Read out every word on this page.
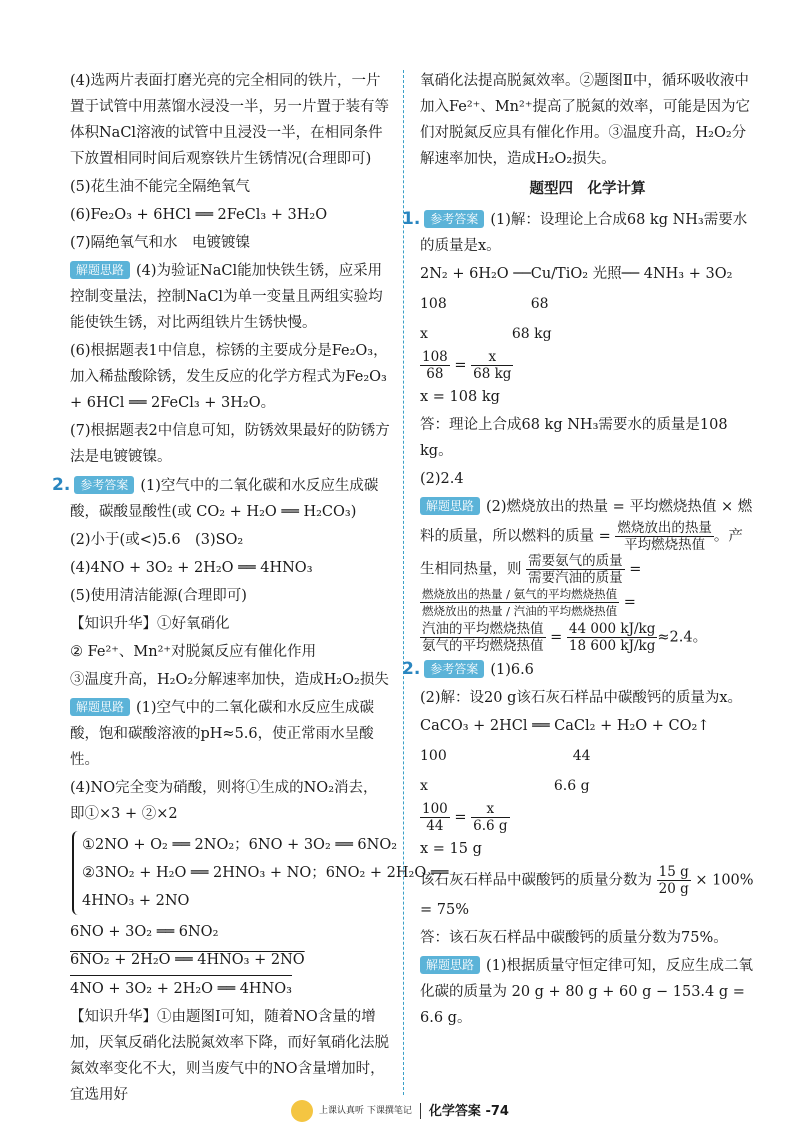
(4)选两片表面打磨光亮的完全相同的铁片，一片置于试管中用蒸馏水浸没一半，另一片置于装有等体积NaCl溶液的试管中且浸没一半，在相同条件下放置相同时间后观察铁片生锈情况(合理即可)

(5)花生油不能完全隔绝氧气

(6)Fe₂O₃ + 6HCl ══ 2FeCl₃ + 3H₂O

(7)隔绝氧气和水　电镀镀镍

解题思路 (4)为验证NaCl能加快铁生锈，应采用控制变量法，控制NaCl为单一变量且两组实验均能使铁生锈，对比两组铁片生锈快慢。

(6)根据题表1中信息，棕锈的主要成分是Fe₂O₃，加入稀盐酸除锈，发生反应的化学方程式为Fe₂O₃ + 6HCl ══ 2FeCl₃ + 3H₂O。

(7)根据题表2中信息可知，防锈效果最好的防锈方法是电镀镀镍。

2. 参考答案 (1)空气中的二氧化碳和水反应生成碳酸，碳酸显酸性(或 CO₂ + H₂O ══ H₂CO₃)

(2)小于(或<)5.6　(3)SO₂

(4)4NO + 3O₂ + 2H₂O ══ 4HNO₃

(5)使用清洁能源(合理即可)

【知识升华】①好氧硝化

② Fe²⁺、Mn²⁺对脱氮反应有催化作用

③温度升高，H₂O₂分解速率加快，造成H₂O₂损失

解题思路 (1)空气中的二氧化碳和水反应生成碳酸，饱和碳酸溶液的pH≈5.6，使正常雨水呈酸性。

(4)NO完全变为硝酸，则将①生成的NO₂消去，即①×3 + ②×2

①2NO + O₂ ══ 2NO₂；6NO + 3O₂ ══ 6NO₂
②3NO₂ + H₂O ══ 2HNO₃ + NO；6NO₂ + 2H₂O ══
4HNO₃ + 2NO

6NO + 3O₂ ══ 6NO₂

6NO₂ + 2H₂O ══ 4HNO₃ + 2NO

4NO + 3O₂ + 2H₂O ══ 4HNO₃

【知识升华】①由题图Ⅰ可知，随着NO含量的增加，厌氧反硝化法脱氮效率下降，而好氧硝化法脱氮效率变化不大，则当废气中的NO含量增加时，宜选用好

氧硝化法提高脱氮效率。②题图Ⅱ中，循环吸收液中加入Fe²⁺、Mn²⁺提高了脱氮的效率，可能是因为它们对脱氮反应具有催化作用。③温度升高，H₂O₂分解速率加快，造成H₂O₂损失。

题型四　化学计算

1. 参考答案 (1)解：设理论上合成68 kg NH₃需要水的质量是x。

2N₂ + 6H₂O ──Cu/TiO₂ 光照── 4NH₃ + 3O₂

108　　　　　　68
x　　　　　　68 kg

$\frac{108}{68} = \frac{x}{68 kg}$

x = 108 kg

答：理论上合成68 kg NH₃需要水的质量是108 kg。

(2)2.4

解题思路 (2)燃烧放出的热量 = 平均燃烧热值 × 燃料的质量，所以燃料的质量 = $\frac{\text{燃烧放出的热量}}{\text{平均燃烧热值}}$ 。产生相同热量，则 $\frac{\text{需要氨气的质量}}{\text{需要汽油的质量}}$ =
$\frac{\text{燃烧放出的热量 / 氨气的平均燃烧热值}}{\text{燃烧放出的热量 / 汽油的平均燃烧热值}}$ =

$\frac{\text{汽油的平均燃烧热值}}{\text{氨气的平均燃烧热值}} = \frac{44 000 kJ/kg}{18 600 kJ/kg} \approx 2.4$。

2. 参考答案 (1)6.6

(2)解：设20 g该石灰石样品中碳酸钙的质量为x。

CaCO₃ + 2HCl ══ CaCl₂ + H₂O + CO₂↑

100　　　　　　　　　44
x　　　　　　　　　6.6 g

$\frac{100}{44} = \frac{x}{6.6 g}$

x = 15 g

该石灰石样品中碳酸钙的质量分数为 $\frac{15 g}{20 g} \times 100\% = 75\%$

答：该石灰石样品中碳酸钙的质量分数为75%。

解题思路 (1)根据质量守恒定律可知，反应生成二氧化碳的质量为 20 g + 80 g + 60 g − 153.4 g = 6.6 g。

上课认真听 下课撰笔记 化学答案 -74
